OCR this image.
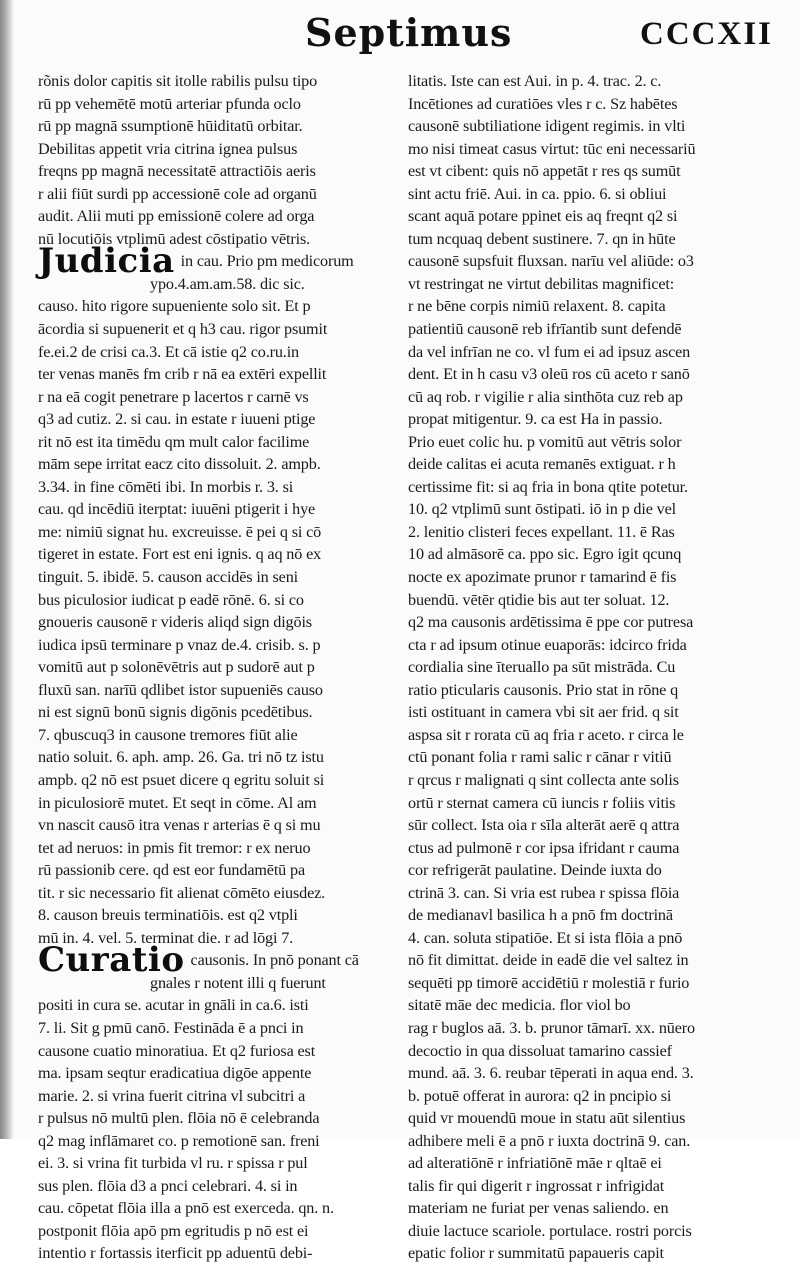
Septimus	CCCXII
rõnis dolor capitis sit itolle rabilis pulsu tipo
rū pp vehemētē motū arteriar pfunda oclo
rū pp magnā ssumptionē hūiditatū orbitar.
Debilitas appetit vria citrina ignea pulsus
freqns pp magnā necessitatē attractiōis aeris
r alii fiūt surdi pp accessionē cole ad organū
audit. Alii muti pp emissionē colere ad orga
nū locutiōis vtplimū adest cōstipatio vētris.
Judicia in cau. Prio pm medicorum
ypo.4.am.am.58. dic sic.
causo. hito rigore supueniente solo sit. Et p
ācordia si supuenerit et q h3 cau. rigor psumit
fe.ei.2 de crisi ca.3. Et cā istie q2 co.ru.in
ter venas manēs fm crib r nā ea extēri expellit
r na eā cogit penetrare p lacertos r carnē vs
q3 ad cutiz. 2. si cau. in estate r iuueni ptige
rit nō est ita timēdu qm mult calor facilime
mām sepe irritat eacz cito dissoluit. 2. ampb.
3.34. in fine cōmēti ibi. In morbis r. 3. si
cau. qd incēdiū iterptat: iuuēni ptigerit i hye
me: nimiū signat hu. excreuisse. ē pei q si cō
tigeret in estate. Fort est eni ignis. q aq nō ex
tinguit. 5. ibidē. 5. causon accidēs in seni
bus piculosior iudicat p eadē rōnē. 6. si co
gnoueris causonē r videris aliqd sign digōis
iudica ipsū terminare p vnaz de.4. crisib. s. p
vomitū aut p solonēvētris aut p sudorē aut p
fluxū san. narīū qdlibet istor supueniēs causo
ni est signū bonū signis digōnis pcedētibus.
7. qbuscuq3 in causone tremores fiūt alie
natio soluit. 6. aph. amp. 26. Ga. tri nō tz istu
ampb. q2 nō est psuet dicere q egritu soluit si
in piculosiorē mutet. Et seqt in cōme. Al am
vn nascit causō itra venas r arterias ē q si mu
tet ad neruos: in pmis fit tremor: r ex neruo
rū passionib cere. qd est eor fundamētū pa
tit. r sic necessario fit alienat cōmēto eiusdez.
8. causon breuis terminatiōis. est q2 vtpli
mū in. 4. vel. 5. terminat die. r ad lōgi 7.
Curatio causonis. In pnō ponant cā
gnales r notent illi q fuerunt
positi in cura se. acutar in gnāli in ca.6. isti
7. li. Sit g pmū canō. Festināda ē a pnci in
causone cuatio minoratiua. Et q2 furiosa est
ma. ipsam seqtur eradicatiua digōe appente
marie. 2. si vrina fuerit citrina vl subcitri a
r pulsus nō multū plen. flōia nō ē celebranda
q2 mag inflāmaret co. p remotionē san. freni
ei. 3. si vrina fit turbida vl ru. r spissa r pul
sus plen. flōia d3 a pnci celebrari. 4. si in
cau. cōpetat flōia illa a pnō est exerceda. qn. n.
postponit flōia apō pm egritudis p nō est ei
intentio r fortassis iterficit pp aduentū debi-
litatis. Iste can est Aui. in p. 4. trac. 2. c.
Incētiones ad curatiōes vles r c. Sz habētes
causonē subtiliatione idigent regimis. in vlti
mo nisi timeat casus virtut: tūc eni necessariū
est vt cibent: quis nō appetāt r res qs sumūt
sint actu friē. Aui. in ca. ppio. 6. si obliui
scant aquā potare ppinet eis aq freqnt q2 si
tum ncquaq debent sustinere. 7. qn in hūte
causonē supsfuit fluxsan. narīu vel aliūde: o3
vt restringat ne virtut debilitas magnificet:
r ne bēne corpis nimiū relaxent. 8. capita
patientiū causonē reb ifrīantib sunt defendē
da vel infrīan ne co. vl fum ei ad ipsuz ascen
dent. Et in h casu v3 oleū ros cū aceto r sanō
cū aq rob. r vigilie r alia sinthōta cuz reb ap
propat mitigentur. 9. ca est Ha in passio.
Prio euet colic hu. p vomitū aut vētris solor
deide calitas ei acuta remanēs extiguat. r h
certissime fit: si aq fria in bona qtite potetur.
10. q2 vtplimū sunt ōstipati. iō in p die vel
2. lenitio clisteri feces expellant. 11. ē Ras
10 ad almāsorē ca. ppo sic. Egro igit qcunq
nocte ex apozimate prunor r tamarind ē fis
buendū. vētēr qtidie bis aut ter soluat. 12.
q2 ma causonis ardētissima ē ppe cor putresa
cta r ad ipsum otinue euaporās: idcirco frida
cordialia sine īteruallo pa sūt mistrāda. Cu
ratio pticularis causonis. Prio stat in rōne q
isti ostituant in camera vbi sit aer frid. q sit
aspsa sit r rorata cū aq fria r aceto. r circa le
ctū ponant folia r rami salic r cānar r vitiū
r qrcus r malignati q sint collecta ante solis
ortū r sternat camera cū iuncis r foliis vitis
sūr collect. Ista oia r sīla alterāt aerē q attra
ctus ad pulmonē r cor ipsa ifridant r cauma
cor refrigerāt paulatine. Deinde iuxta do
ctrinā 3. can. Si vria est rubea r spissa flōia
de medianavl basilica h a pnō fm doctrinā
4. can. soluta stipatiōe. Et si ista flōia a pnō
nō fit dimittat. deide in eadē die vel saltez in
sequēti pp timorē accidētiū r molestiā r furio
sitatē māe dec medicia. flor viol bo
rag r buglos aā. 3. b. prunor tāmarī. xx. nūero
decoctio in qua dissoluat tamarino cassief
mund. aā. 3. 6. reubar tēperati in aqua end. 3.
b. potuē offerat in aurora: q2 in pncipio si
quid vr mouendū moue in statu aūt silentius
adhibere meli ē a pnō r iuxta doctrinā 9. can.
ad alteratiōnē r infriatiōnē māe r qltaē ei
talis fir qui digerit r ingrossat r infrigidat
materiam ne furiat per venas saliendo. en
diuie lactuce scariole. portulace. rostri porcis
epatic folior r summitatū papaueris capit
